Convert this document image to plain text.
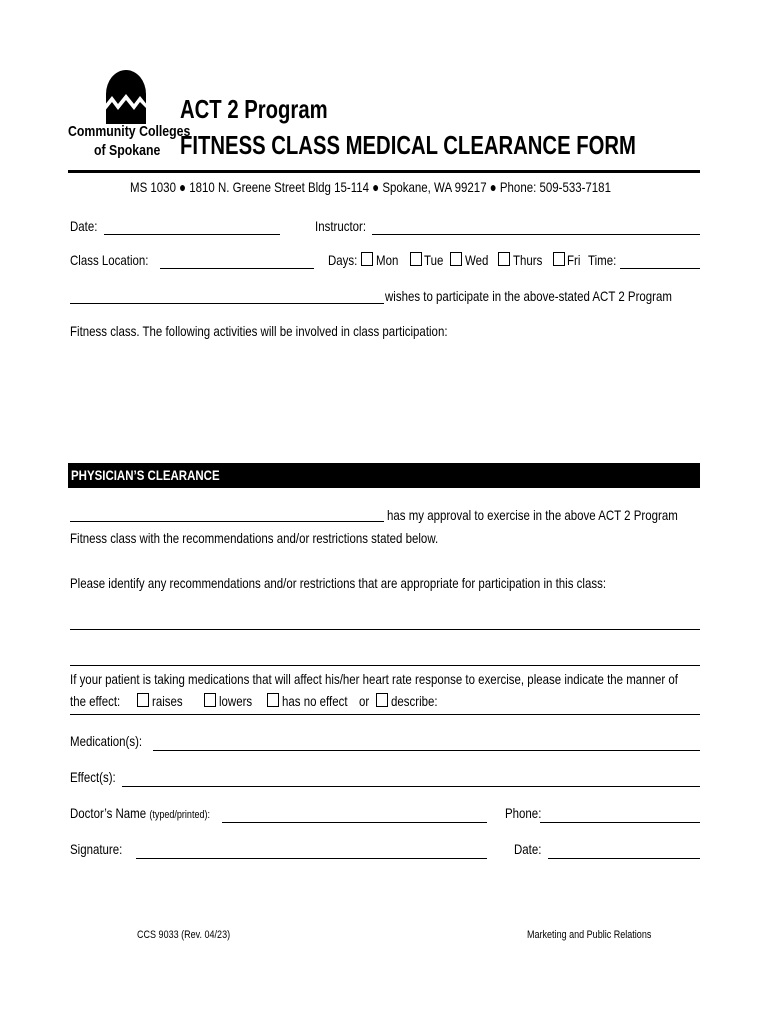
Community Colleges
of Spokane
ACT 2 Program
FITNESS CLASS MEDICAL CLEARANCE FORM
MS 1030 ● 1810 N. Greene Street Bldg 15-114 ● Spokane, WA 99217 ● Phone: 509-533-7181
Date:	Instructor:
Class Location:	Days: Mon Tue Wed Thurs Fri Time:
wishes to participate in the above-stated ACT 2 Program
Fitness class. The following activities will be involved in class participation:
PHYSICIAN’S CLEARANCE
has my approval to exercise in the above ACT 2 Program
Fitness class with the recommendations and/or restrictions stated below.
Please identify any recommendations and/or restrictions that are appropriate for participation in this class:
If your patient is taking medications that will affect his/her heart rate response to exercise, please indicate the manner of
the effect: raises	lowers has no effect or describe:
Medication(s):
Effect(s):
Doctor’s Name (typed/printed):	Phone:
Signature:	Date:
CCS 9033 (Rev. 04/23)	Marketing and Public Relations
